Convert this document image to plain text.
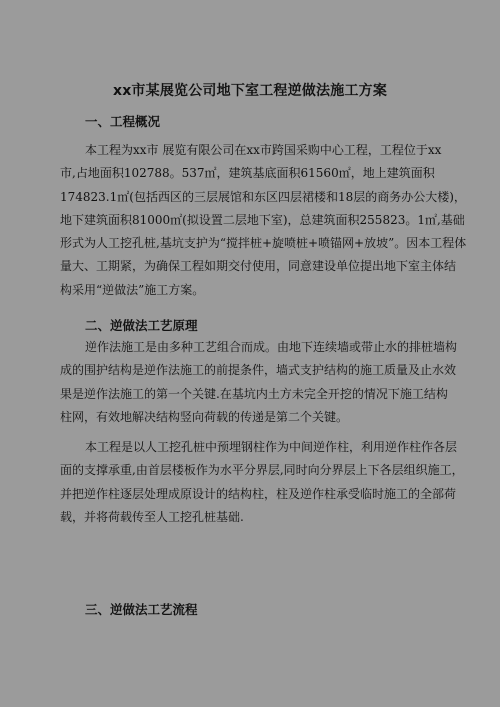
xx市某展览公司地下室工程逆做法施工方案
一、工程概况
本工程为xx市 展览有限公司在xx市跨国采购中心工程，工程位于xx
市,占地面积102788。537㎡，建筑基底面积61560㎡，地上建筑面积
174823.1㎡(包括西区的三层展馆和东区四层裙楼和18层的商务办公大楼)，
地下建筑面积81000㎡(拟设置二层地下室)，总建筑面积255823。1㎡,基础
形式为人工挖孔桩,基坑支护为“搅拌桩+旋喷桩+喷锚网+放坡”。因本工程体
量大、工期紧，为确保工程如期交付使用，同意建设单位提出地下室主体结
构采用“逆做法”施工方案。
二、逆做法工艺原理
逆作法施工是由多种工艺组合而成。由地下连续墙或带止水的排桩墙构
成的围护结构是逆作法施工的前提条件，墙式支护结构的施工质量及止水效
果是逆作法施工的第一个关键.在基坑内土方未完全开挖的情况下施工结构
柱网，有效地解决结构竖向荷载的传递是第二个关键。
本工程是以人工挖孔桩中预埋钢柱作为中间逆作柱，利用逆作柱作各层
面的支撑承重,由首层楼板作为水平分界层,同时向分界层上下各层组织施工，
并把逆作柱逐层处理成原设计的结构柱，柱及逆作柱承受临时施工的全部荷
载，并将荷载传至人工挖孔桩基础.
三、逆做法工艺流程
